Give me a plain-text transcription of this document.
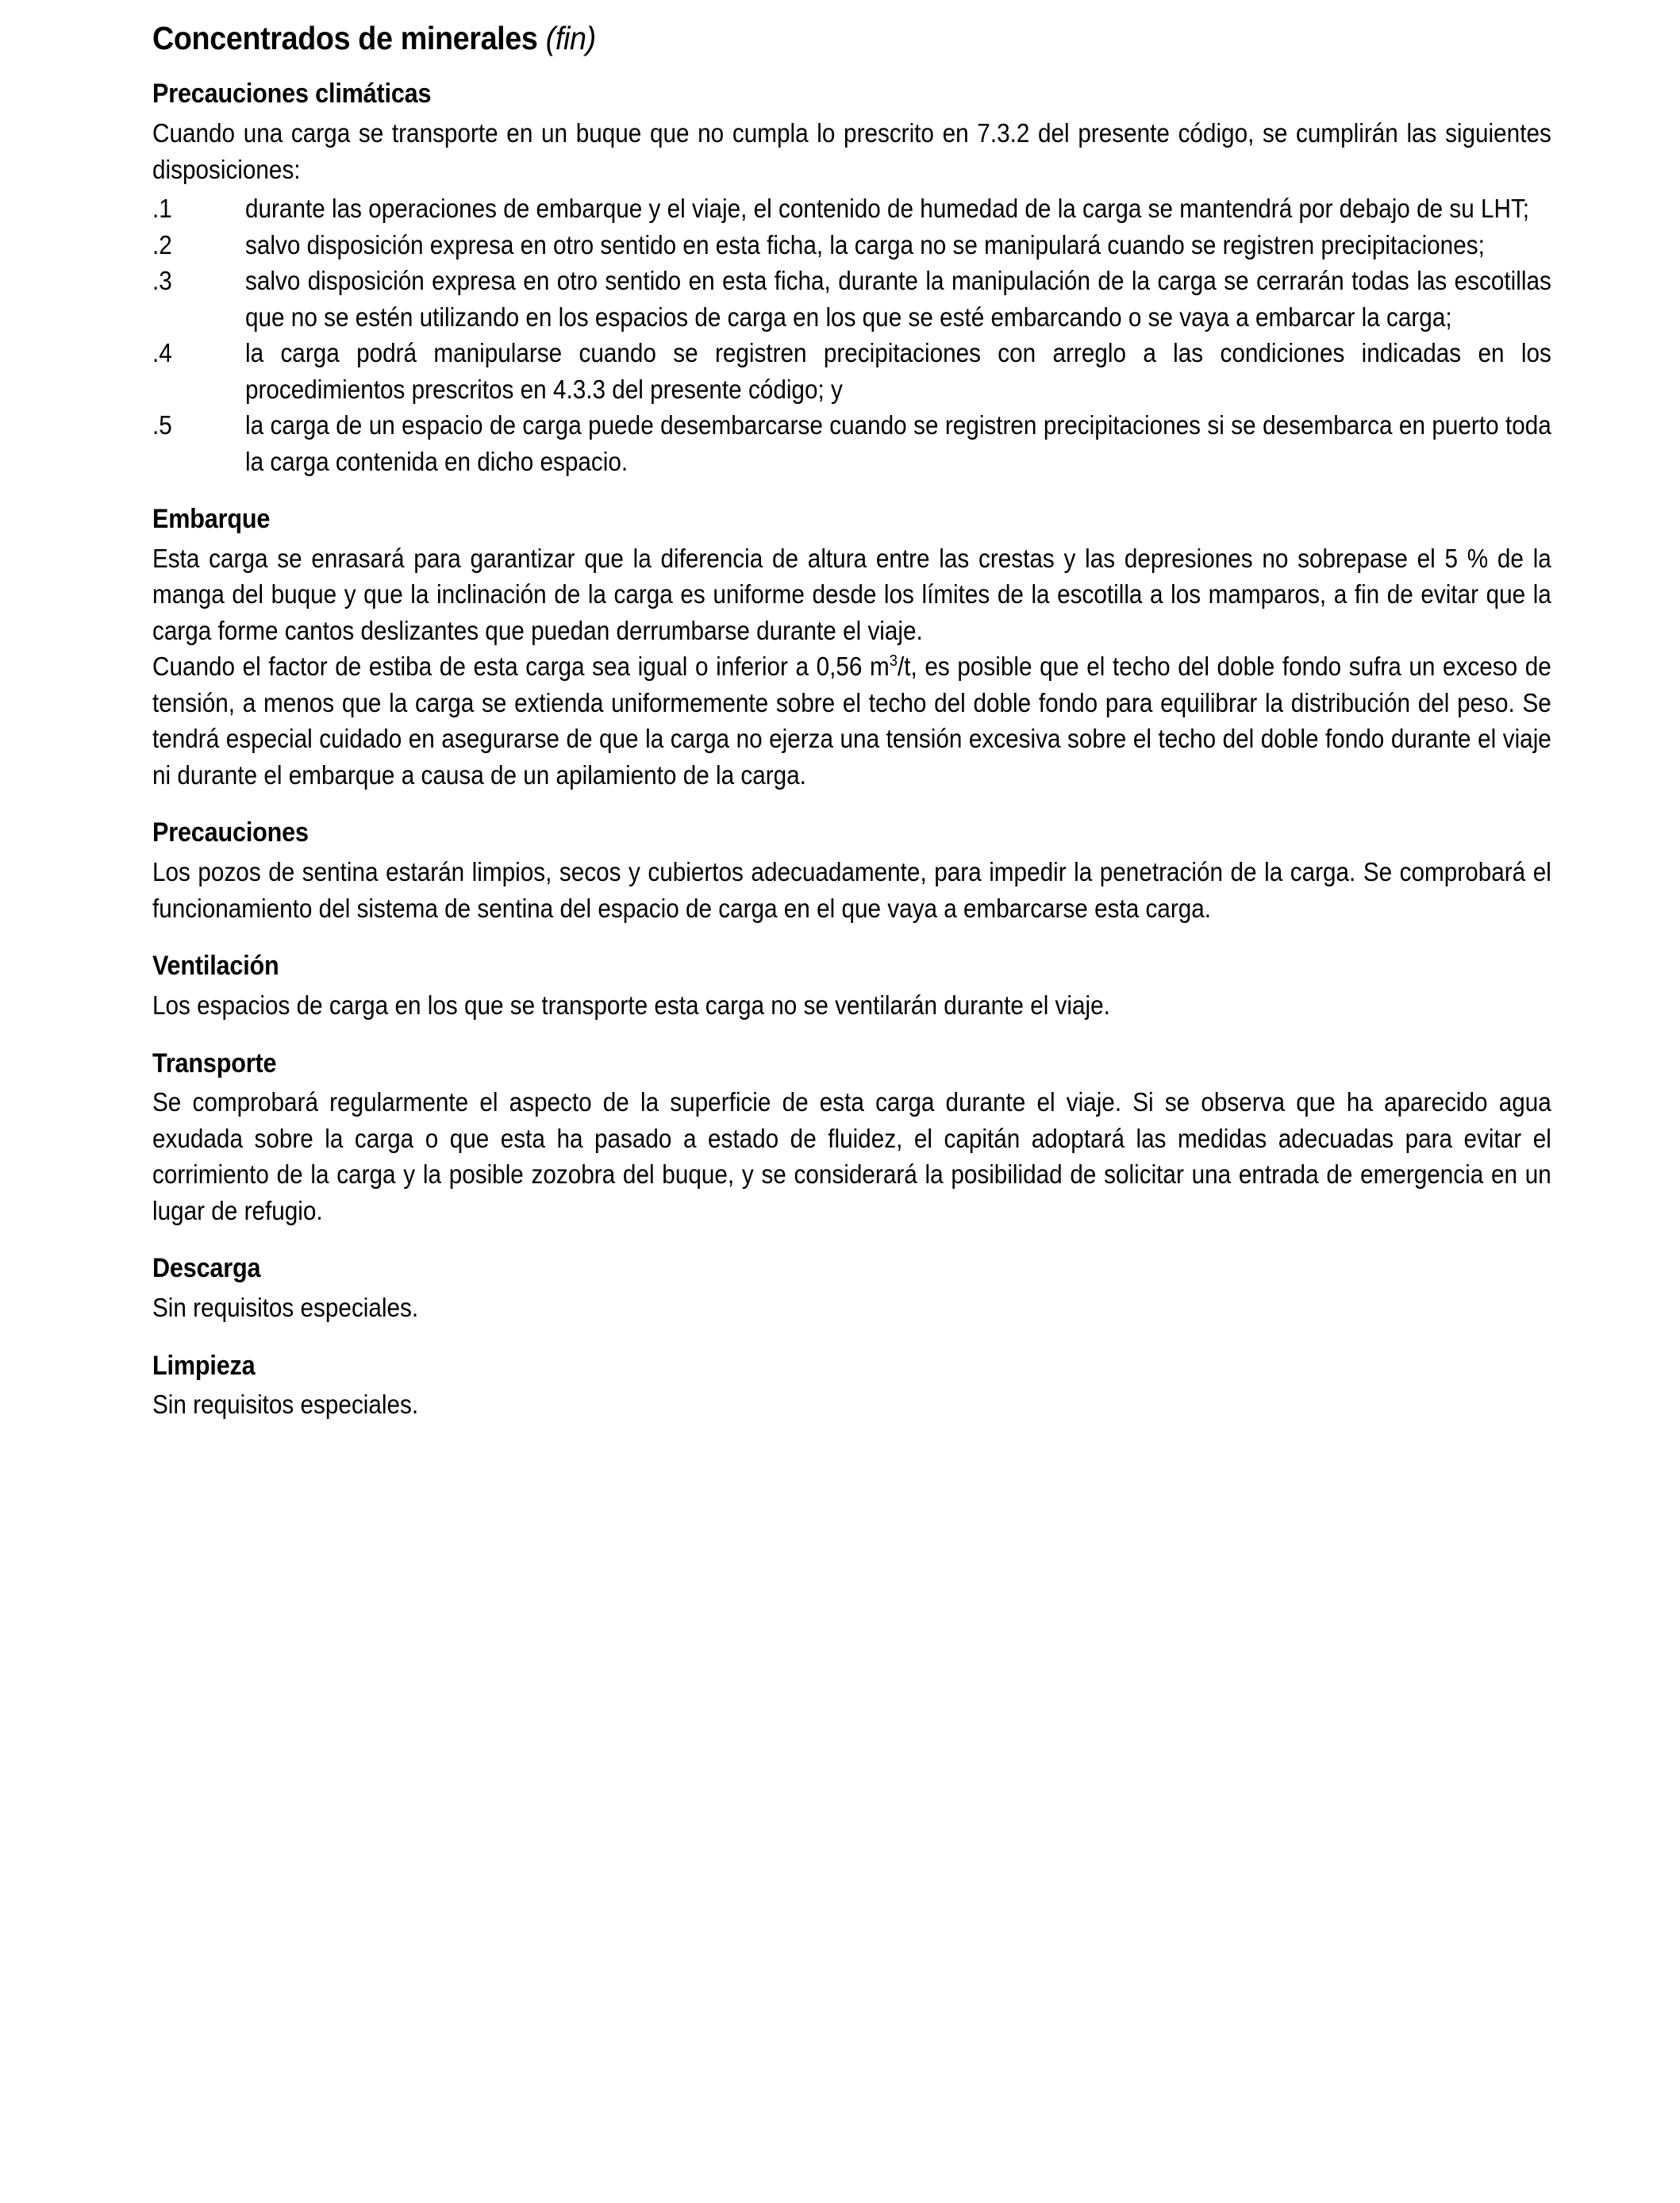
Concentrados de minerales (fin)
Precauciones climáticas

Cuando una carga se transporte en un buque que no cumpla lo prescrito en 7.3.2 del presente código, se cumplirán las siguientes disposiciones:

.1	durante las operaciones de embarque y el viaje, el contenido de humedad de la carga se mantendrá por debajo de su LHT;
.2	salvo disposición expresa en otro sentido en esta ficha, la carga no se manipulará cuando se registren precipitaciones;
.3	salvo disposición expresa en otro sentido en esta ficha, durante la manipulación de la carga se cerrarán todas las escotillas que no se estén utilizando en los espacios de carga en los que se esté embarcando o se vaya a embarcar la carga;
.4	la carga podrá manipularse cuando se registren precipitaciones con arreglo a las condiciones indicadas en los procedimientos prescritos en 4.3.3 del presente código; y
.5	la carga de un espacio de carga puede desembarcarse cuando se registren precipitaciones si se desembarca en puerto toda la carga contenida en dicho espacio.
Embarque

Esta carga se enrasará para garantizar que la diferencia de altura entre las crestas y las depresiones no sobrepase el 5 % de la manga del buque y que la inclinación de la carga es uniforme desde los límites de la escotilla a los mamparos, a fin de evitar que la carga forme cantos deslizantes que puedan derrumbarse durante el viaje.

Cuando el factor de estiba de esta carga sea igual o inferior a 0,56 $m^3/t$, es posible que el techo del doble fondo sufra un exceso de tensión, a menos que la carga se extienda uniformemente sobre el techo del doble fondo para equilibrar la distribución del peso. Se tendrá especial cuidado en asegurarse de que la carga no ejerza una tensión excesiva sobre el techo del doble fondo durante el viaje ni durante el embarque a causa de un apilamiento de la carga.

Precauciones

Los pozos de sentina estarán limpios, secos y cubiertos adecuadamente, para impedir la penetración de la carga. Se comprobará el funcionamiento del sistema de sentina del espacio de carga en el que vaya a embarcarse esta carga.

Ventilación

Los espacios de carga en los que se transporte esta carga no se ventilarán durante el viaje.

Transporte

Se comprobará regularmente el aspecto de la superficie de esta carga durante el viaje. Si se observa que ha aparecido agua exudada sobre la carga o que esta ha pasado a estado de fluidez, el capitán adoptará las medidas adecuadas para evitar el corrimiento de la carga y la posible zozobra del buque, y se considerará la posibilidad de solicitar una entrada de emergencia en un lugar de refugio.

Descarga

Sin requisitos especiales.

Limpieza

Sin requisitos especiales.
